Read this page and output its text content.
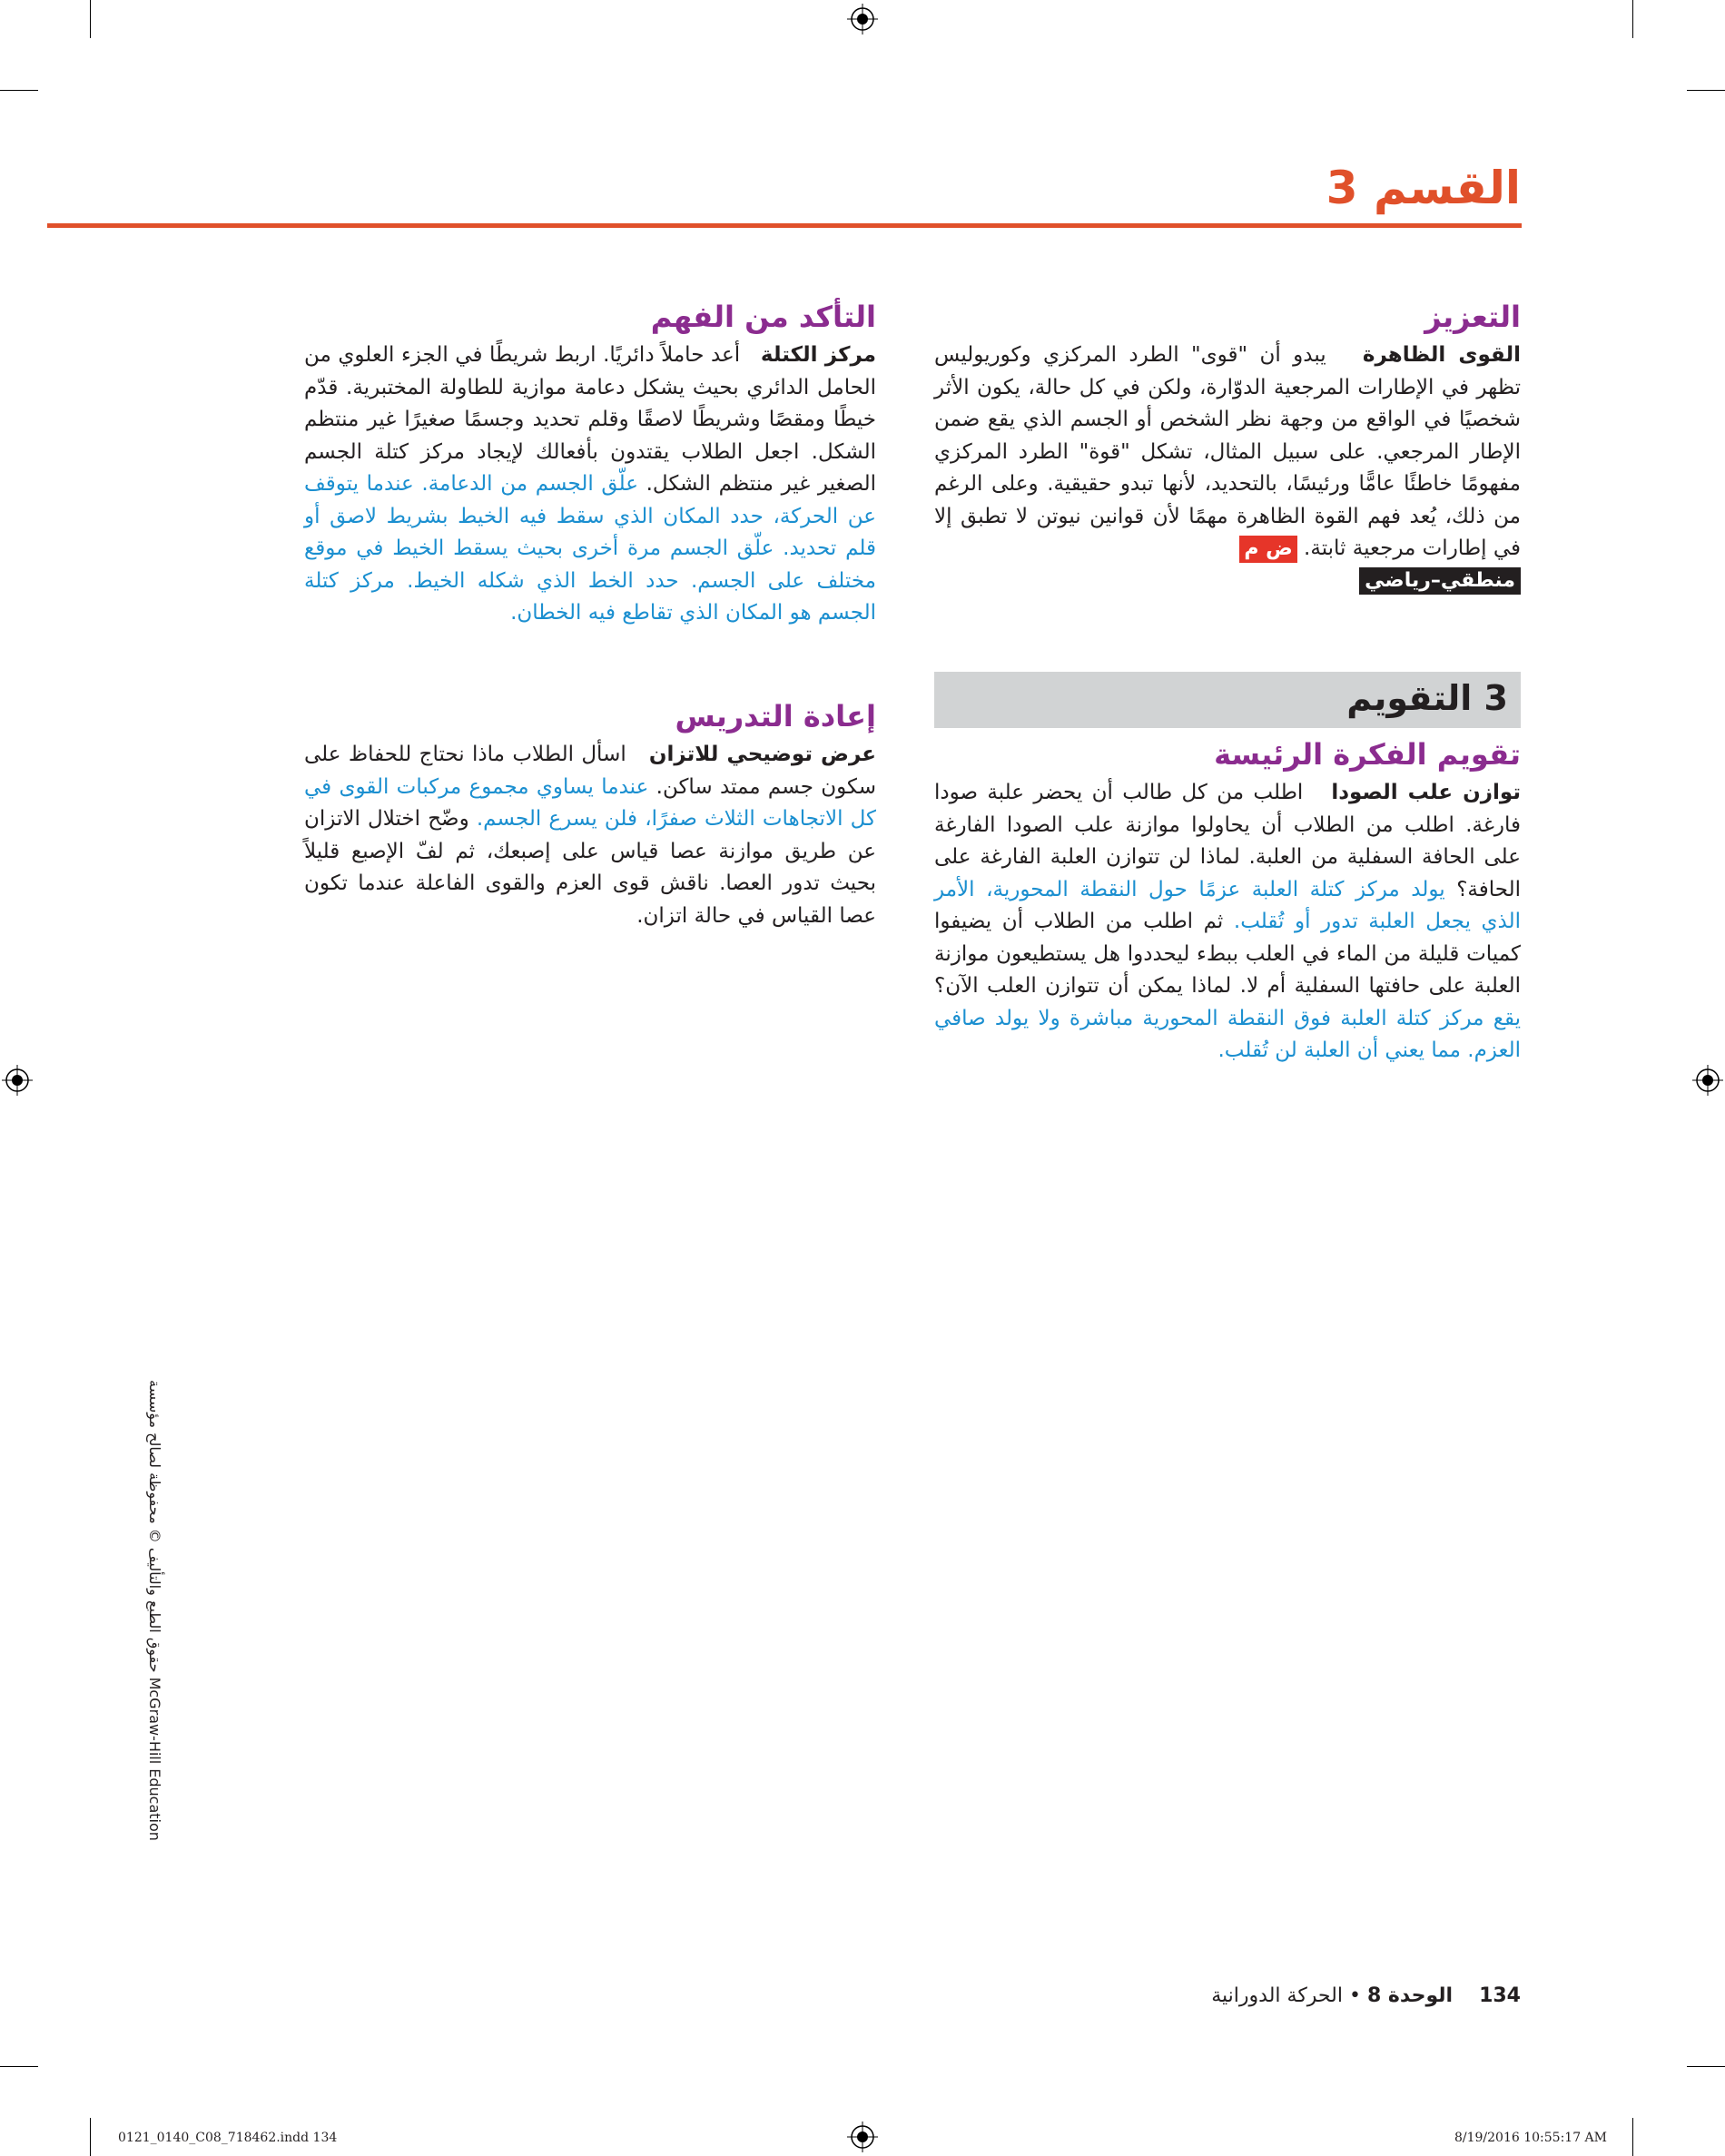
القسم 3
التعزيز

القوى الظاهرة   يبدو أن "قوى" الطرد المركزي وكوريوليس تظهر في الإطارات المرجعية الدوّارة، ولكن في كل حالة، يكون الأثر شخصيًا في الواقع من وجهة نظر الشخص أو الجسم الذي يقع ضمن الإطار المرجعي. على سبيل المثال، تشكل "قوة" الطرد المركزي مفهومًا خاطئًا عامًّا ورئيسًا، بالتحديد، لأنها تبدو حقيقية. وعلى الرغم من ذلك، يُعد فهم القوة الظاهرة مهمًا لأن قوانين نيوتن لا تطبق إلا في إطارات مرجعية ثابتة. ض م

منطقي–رياضي
3 التقويم
تقويم الفكرة الرئيسة

توازن علب الصودا   اطلب من كل طالب أن يحضر علبة صودا فارغة. اطلب من الطلاب أن يحاولوا موازنة علب الصودا الفارغة على الحافة السفلية من العلبة. لماذا لن تتوازن العلبة الفارغة على الحافة؟ يولد مركز كتلة العلبة عزمًا حول النقطة المحورية، الأمر الذي يجعل العلبة تدور أو تُقلب. ثم اطلب من الطلاب أن يضيفوا كميات قليلة من الماء في العلب ببطء ليحددوا هل يستطيعون موازنة العلبة على حافتها السفلية أم لا. لماذا يمكن أن تتوازن العلب الآن؟ يقع مركز كتلة العلبة فوق النقطة المحورية مباشرة ولا يولد صافي العزم. مما يعني أن العلبة لن تُقلب.

التأكد من الفهم

مركز الكتلة   أعد حاملاً دائريًا. اربط شريطًا في الجزء العلوي من الحامل الدائري بحيث يشكل دعامة موازية للطاولة المختبرية. قدّم خيطًا ومقصًا وشريطًا لاصقًا وقلم تحديد وجسمًا صغيرًا غير منتظم الشكل. اجعل الطلاب يقتدون بأفعالك لإيجاد مركز كتلة الجسم الصغير غير منتظم الشكل. علّق الجسم من الدعامة. عندما يتوقف عن الحركة، حدد المكان الذي سقط فيه الخيط بشريط لاصق أو قلم تحديد. علّق الجسم مرة أخرى بحيث يسقط الخيط في موقع مختلف على الجسم. حدد الخط الذي شكله الخيط. مركز كتلة الجسم هو المكان الذي تقاطع فيه الخطان.

إعادة التدريس

عرض توضيحي للاتزان   اسأل الطلاب ماذا نحتاج للحفاظ على سكون جسم ممتد ساكن. عندما يساوي مجموع مركبات القوى في كل الاتجاهات الثلاث صفرًا، فلن يسرع الجسم. وضّح اختلال الاتزان عن طريق موازنة عصا قياس على إصبعك، ثم لفّ الإصبع قليلاً بحيث تدور العصا. ناقش قوى العزم والقوى الفاعلة عندما تكون عصا القياس في حالة اتزان.

حقوق الطبع والتأليف © محفوظة لصالح مؤسسة McGraw-Hill Education
134 الوحدة 8 • الحركة الدورانية
0121_0140_C08_718462.indd 134	8/19/2016 10:55:17 AM
